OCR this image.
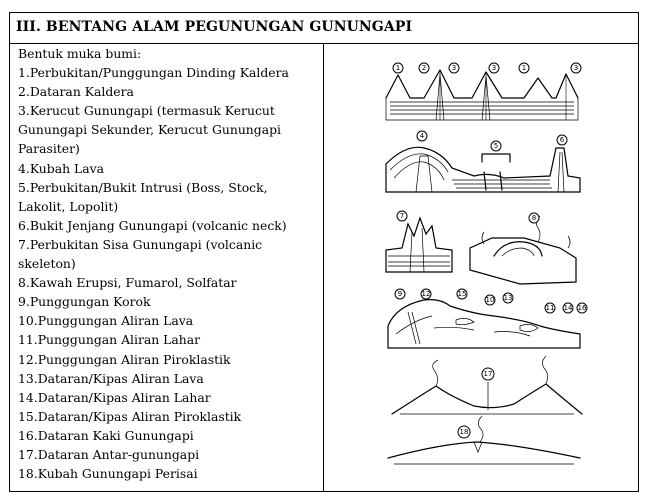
III. BENTANG ALAM PEGUNUNGAN GUNUNGAPI
Bentuk muka bumi:
1.Perbukitan/Punggungan Dinding Kaldera
2.Dataran Kaldera
3.Kerucut Gunungapi (termasuk Kerucut Gunungapi Sekunder, Kerucut Gunungapi Parasiter)
4.Kubah Lava
5.Perbukitan/Bukit Intrusi (Boss, Stock, Lakolit, Lopolit)
6.Bukit Jenjang Gunungapi (volcanic neck)
7.Perbukitan Sisa Gunungapi (volcanic skeleton)
8.Kawah Erupsi, Fumarol, Solfatar
9.Punggungan Korok
10.Punggungan Aliran Lava
11.Punggungan Aliran Lahar
12.Punggungan Aliran Piroklastik
13.Dataran/Kipas Aliran Lava
14.Dataran/Kipas Aliran Lahar
15.Dataran/Kipas Aliran Piroklastik
16.Dataran Kaki Gunungapi
17.Dataran Antar-gunungapi
18.Kubah Gunungapi Perisai
1	2	3	3	1	3
4
5
6
7	8
9	12	15
10 13
11 14 16
17
18
